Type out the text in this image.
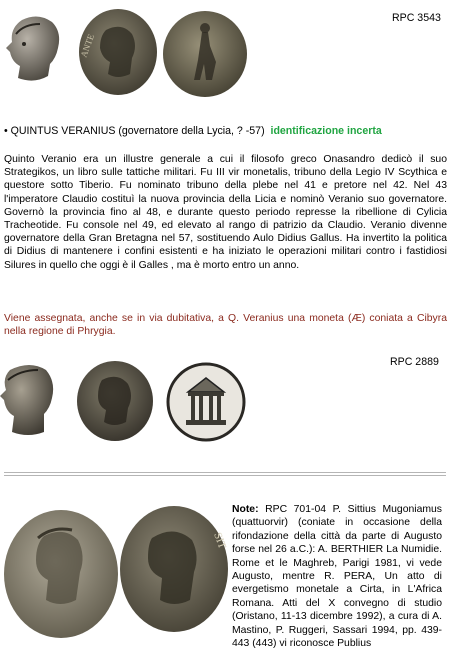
RPC 3543
ANTE
• QUINTUS VERANIUS (governatore della Lycia, ? -57) identificazione incerta
Quinto Veranio era un illustre generale a cui il filosofo greco Onasandro dedicò il suo Strategikos, un libro sulle tattiche militari. Fu III vir monetalis, tribuno della Legio IV Scythica e questore sotto Tiberio. Fu nominato tribuno della plebe nel 41 e pretore nel 42. Nel 43 l'imperatore Claudio costituì la nuova provincia della Licia e nominò Veranio suo governatore. Governò la provincia fino al 48, e durante questo periodo represse la ribellione di Cylicia Tracheotide. Fu console nel 49, ed elevato al rango di patrizio da Claudio. Veranio divenne governatore della Gran Bretagna nel 57, sostituendo Aulo Didius Gallus. Ha invertito la politica di Didius di mantenere i confini esistenti e ha iniziato le operazioni militari contro i fastidiosi Silures in quello che oggi è il Galles , ma è morto entro un anno.
Viene assegnata, anche se in via dubitativa, a Q. Veranius una moneta (Æ) coniata a Cibyra nella regione di Phrygia.
RPC 2889
SIT
Note: RPC 701-04 P. Sittius Mugoniamus (quattuorvir) (coniate in occasione della rifondazione della città da parte di Augusto forse nel 26 a.C.): A. BERTHIER La Numidie. Rome et le Maghreb, Parigi 1981, vi vede Augusto, mentre R. PERA, Un atto di evergetismo monetale a Cirta, in L'Africa Romana. Atti del X convegno di studio (Oristano, 11-13 dicembre 1992), a cura di A. Mastino, P. Ruggeri, Sassari 1994, pp. 439-443 (443) vi riconosce Publius
